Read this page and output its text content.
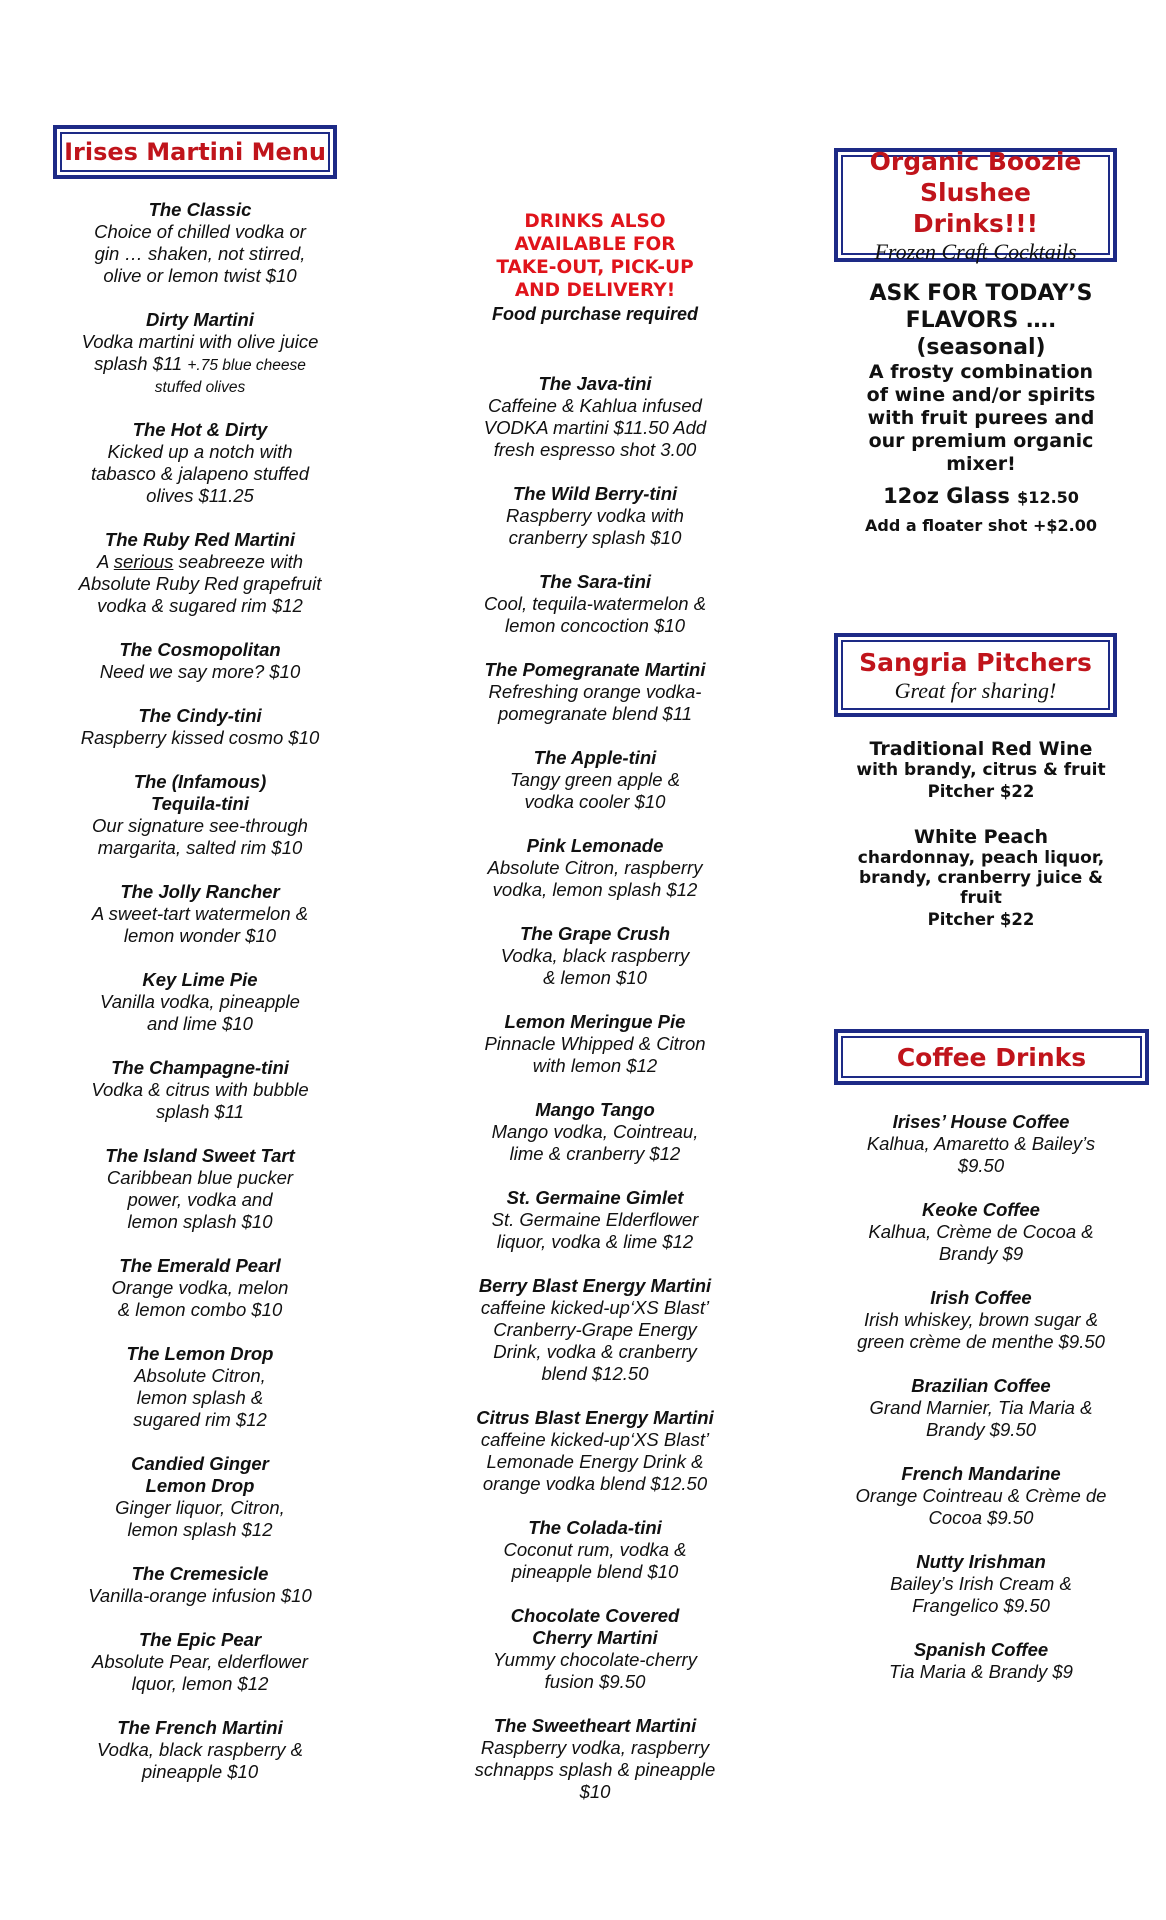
Irises Martini Menu
The Classic
Choice of chilled vodka or gin … shaken, not stirred, olive or lemon twist $10
Dirty Martini
Vodka martini with olive juice splash $11 +.75 blue cheese stuffed olives
The Hot & Dirty
Kicked up a notch with tabasco & jalapeno stuffed olives $11.25
The Ruby Red Martini
A serious seabreeze with Absolute Ruby Red grapefruit vodka & sugared rim $12
The Cosmopolitan
Need we say more? $10
The Cindy-tini
Raspberry kissed cosmo $10
The (Infamous) Tequila-tini
Our signature see-through margarita, salted rim $10
The Jolly Rancher
A sweet-tart watermelon & lemon wonder $10
Key Lime Pie
Vanilla vodka, pineapple and lime $10
The Champagne-tini
Vodka & citrus with bubble splash $11
The Island Sweet Tart
Caribbean blue pucker power, vodka and lemon splash $10
The Emerald Pearl
Orange vodka, melon & lemon combo $10
The Lemon Drop
Absolute Citron, lemon splash & sugared rim $12
Candied Ginger Lemon Drop
Ginger liquor, Citron, lemon splash $12
The Cremesicle
Vanilla-orange infusion $10
The Epic Pear
Absolute Pear, elderflower lquor, lemon $12
The French Martini
Vodka, black raspberry & pineapple $10
DRINKS ALSO
AVAILABLE FOR
TAKE-OUT, PICK-UP
AND DELIVERY!
Food purchase required
The Java-tini
Caffeine & Kahlua infused VODKA martini $11.50 Add fresh espresso shot 3.00
The Wild Berry-tini
Raspberry vodka with cranberry splash $10
The Sara-tini
Cool, tequila-watermelon & lemon concoction $10
The Pomegranate Martini
Refreshing orange vodka-pomegranate blend $11
The Apple-tini
Tangy green apple & vodka cooler $10
Pink Lemonade
Absolute Citron, raspberry vodka, lemon splash $12
The Grape Crush
Vodka, black raspberry & lemon $10
Lemon Meringue Pie
Pinnacle Whipped & Citron with lemon $12
Mango Tango
Mango vodka, Cointreau, lime & cranberry $12
St. Germaine Gimlet
St. Germaine Elderflower liquor, vodka & lime $12
Berry Blast Energy Martini
caffeine kicked-up‘XS Blast’ Cranberry-Grape Energy Drink, vodka & cranberry blend $12.50
Citrus Blast Energy Martini
caffeine kicked-up‘XS Blast’ Lemonade Energy Drink & orange vodka blend $12.50
The Colada-tini
Coconut rum, vodka & pineapple blend $10
Chocolate Covered Cherry Martini
Yummy chocolate-cherry fusion $9.50
The Sweetheart Martini
Raspberry vodka, raspberry schnapps splash & pineapple $10
Organic Boozie Slushee Drinks!!!
Frozen Craft Cocktails
ASK FOR TODAY’S FLAVORS ….
(seasonal)
A frosty combination of wine and/or spirits with fruit purees and our premium organic mixer!
12oz Glass $12.50
Add a floater shot +$2.00
Sangria Pitchers
Great for sharing!
Traditional Red Wine
with brandy, citrus & fruit
Pitcher $22
White Peach
chardonnay, peach liquor, brandy, cranberry juice & fruit
Pitcher $22
Coffee Drinks
Irises’ House Coffee
Kalhua, Amaretto & Bailey’s $9.50
Keoke Coffee
Kalhua, Crème de Cocoa & Brandy $9
Irish Coffee
Irish whiskey, brown sugar & green crème de menthe $9.50
Brazilian Coffee
Grand Marnier, Tia Maria & Brandy $9.50
French Mandarine
Orange Cointreau & Crème de Cocoa $9.50
Nutty Irishman
Bailey’s Irish Cream & Frangelico $9.50
Spanish Coffee
Tia Maria & Brandy $9
